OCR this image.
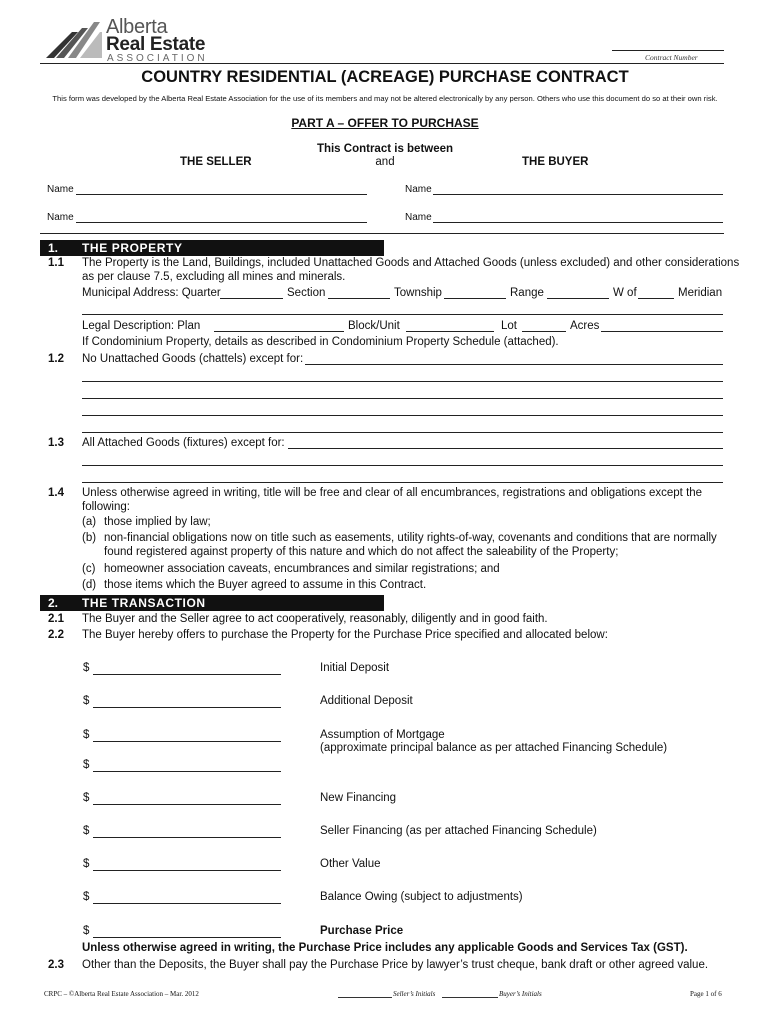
Alberta
Real Estate
ASSOCIATION	Contract Number
COUNTRY RESIDENTIAL (ACREAGE) PURCHASE CONTRACT
This form was developed by the Alberta Real Estate Association for the use of its members and may not be altered electronically by any person. Others who use this document do so at their own risk.
PART A – OFFER TO PURCHASE
This Contract is between
and
THE SELLER	THE BUYER
Name	Name
Name	Name
1. THE PROPERTY
1.1 The Property is the Land, Buildings, included Unattached Goods and Attached Goods (unless excluded) and other considerations
as per clause 7.5, excluding all mines and minerals.
Municipal Address: Quarter	Section	Township	Range	W of	Meridian
Legal Description: Plan	Block/Unit	Lot	Acres
If Condominium Property, details as described in Condominium Property Schedule (attached).
1.2 No Unattached Goods (chattels) except for:
1.3 All Attached Goods (fixtures) except for:
1.4 Unless otherwise agreed in writing, title will be free and clear of all encumbrances, registrations and obligations except the
following:
(a) those implied by law;
(b) non-financial obligations now on title such as easements, utility rights-of-way, covenants and conditions that are normally
found registered against property of this nature and which do not affect the saleability of the Property;
(c) homeowner association caveats, encumbrances and similar registrations; and
(d) those items which the Buyer agreed to assume in this Contract.
2. THE TRANSACTION
2.1 The Buyer and the Seller agree to act cooperatively, reasonably, diligently and in good faith.
2.2 The Buyer hereby offers to purchase the Property for the Purchase Price specified and allocated below:
$	Initial Deposit
$	Additional Deposit
$	Assumption of Mortgage
(approximate principal balance as per attached Financing Schedule)
$
$	New Financing
$	Seller Financing (as per attached Financing Schedule)
$	Other Value
$	Balance Owing (subject to adjustments)
$	Purchase Price
Unless otherwise agreed in writing, the Purchase Price includes any applicable Goods and Services Tax (GST).
2.3 Other than the Deposits, the Buyer shall pay the Purchase Price by lawyer’s trust cheque, bank draft or other agreed value.
CRPC – ©Alberta Real Estate Association – Mar. 2012	Seller’s Initials	Buyer’s Initials	Page 1 of 6
